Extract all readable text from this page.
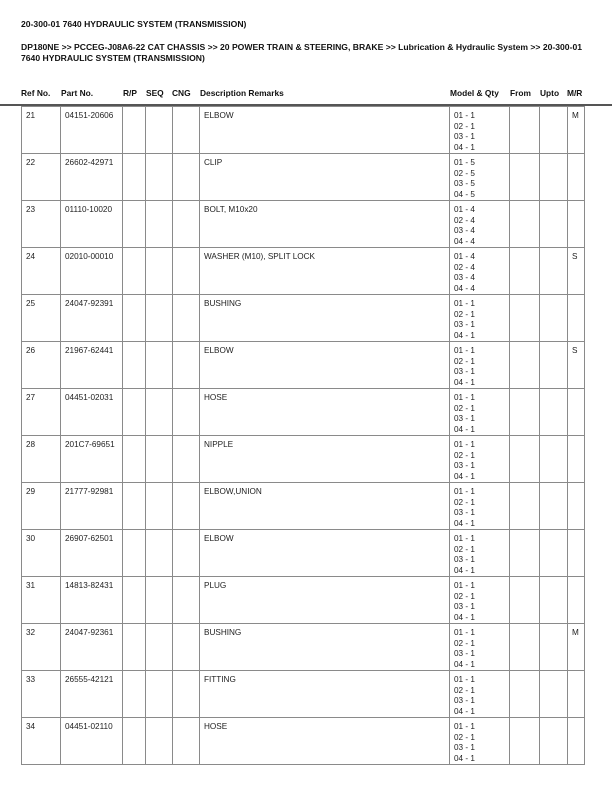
20-300-01 7640 HYDRAULIC SYSTEM (TRANSMISSION)
DP180NE >> PCCEG-J08A6-22 CAT CHASSIS >> 20 POWER TRAIN & STEERING, BRAKE >> Lubrication & Hydraulic System >> 20-300-01 7640 HYDRAULIC SYSTEM (TRANSMISSION)
Ref No. Part No.	R/P SEQ CNG Description Remarks	Model & Qty From Upto M/R
21	04151-20606				ELBOW	01 - 1
02 - 1
03 - 1
04 - 1			M
22	26602-42971				CLIP	01 - 5
02 - 5
03 - 5
04 - 5			

23	01110-10020				BOLT, M10x20	01 - 4
02 - 4
03 - 4
04 - 4			

24	02010-00010				WASHER (M10), SPLIT LOCK	01 - 4
02 - 4
03 - 4
04 - 4			S
25	24047-92391				BUSHING	01 - 1
02 - 1
03 - 1
04 - 1			

26	21967-62441				ELBOW	01 - 1
02 - 1
03 - 1
04 - 1			S
27	04451-02031				HOSE	01 - 1
02 - 1
03 - 1
04 - 1			

28	201C7-69651				NIPPLE	01 - 1
02 - 1
03 - 1
04 - 1			

29	21777-92981				ELBOW,UNION	01 - 1
02 - 1
03 - 1
04 - 1			

30	26907-62501				ELBOW	01 - 1
02 - 1
03 - 1
04 - 1			

31	14813-82431				PLUG	01 - 1
02 - 1
03 - 1
04 - 1			

32	24047-92361				BUSHING	01 - 1
02 - 1
03 - 1
04 - 1			M
33	26555-42121				FITTING	01 - 1
02 - 1
03 - 1
04 - 1			

34	04451-02110				HOSE	01 - 1
02 - 1
03 - 1
04 - 1			
